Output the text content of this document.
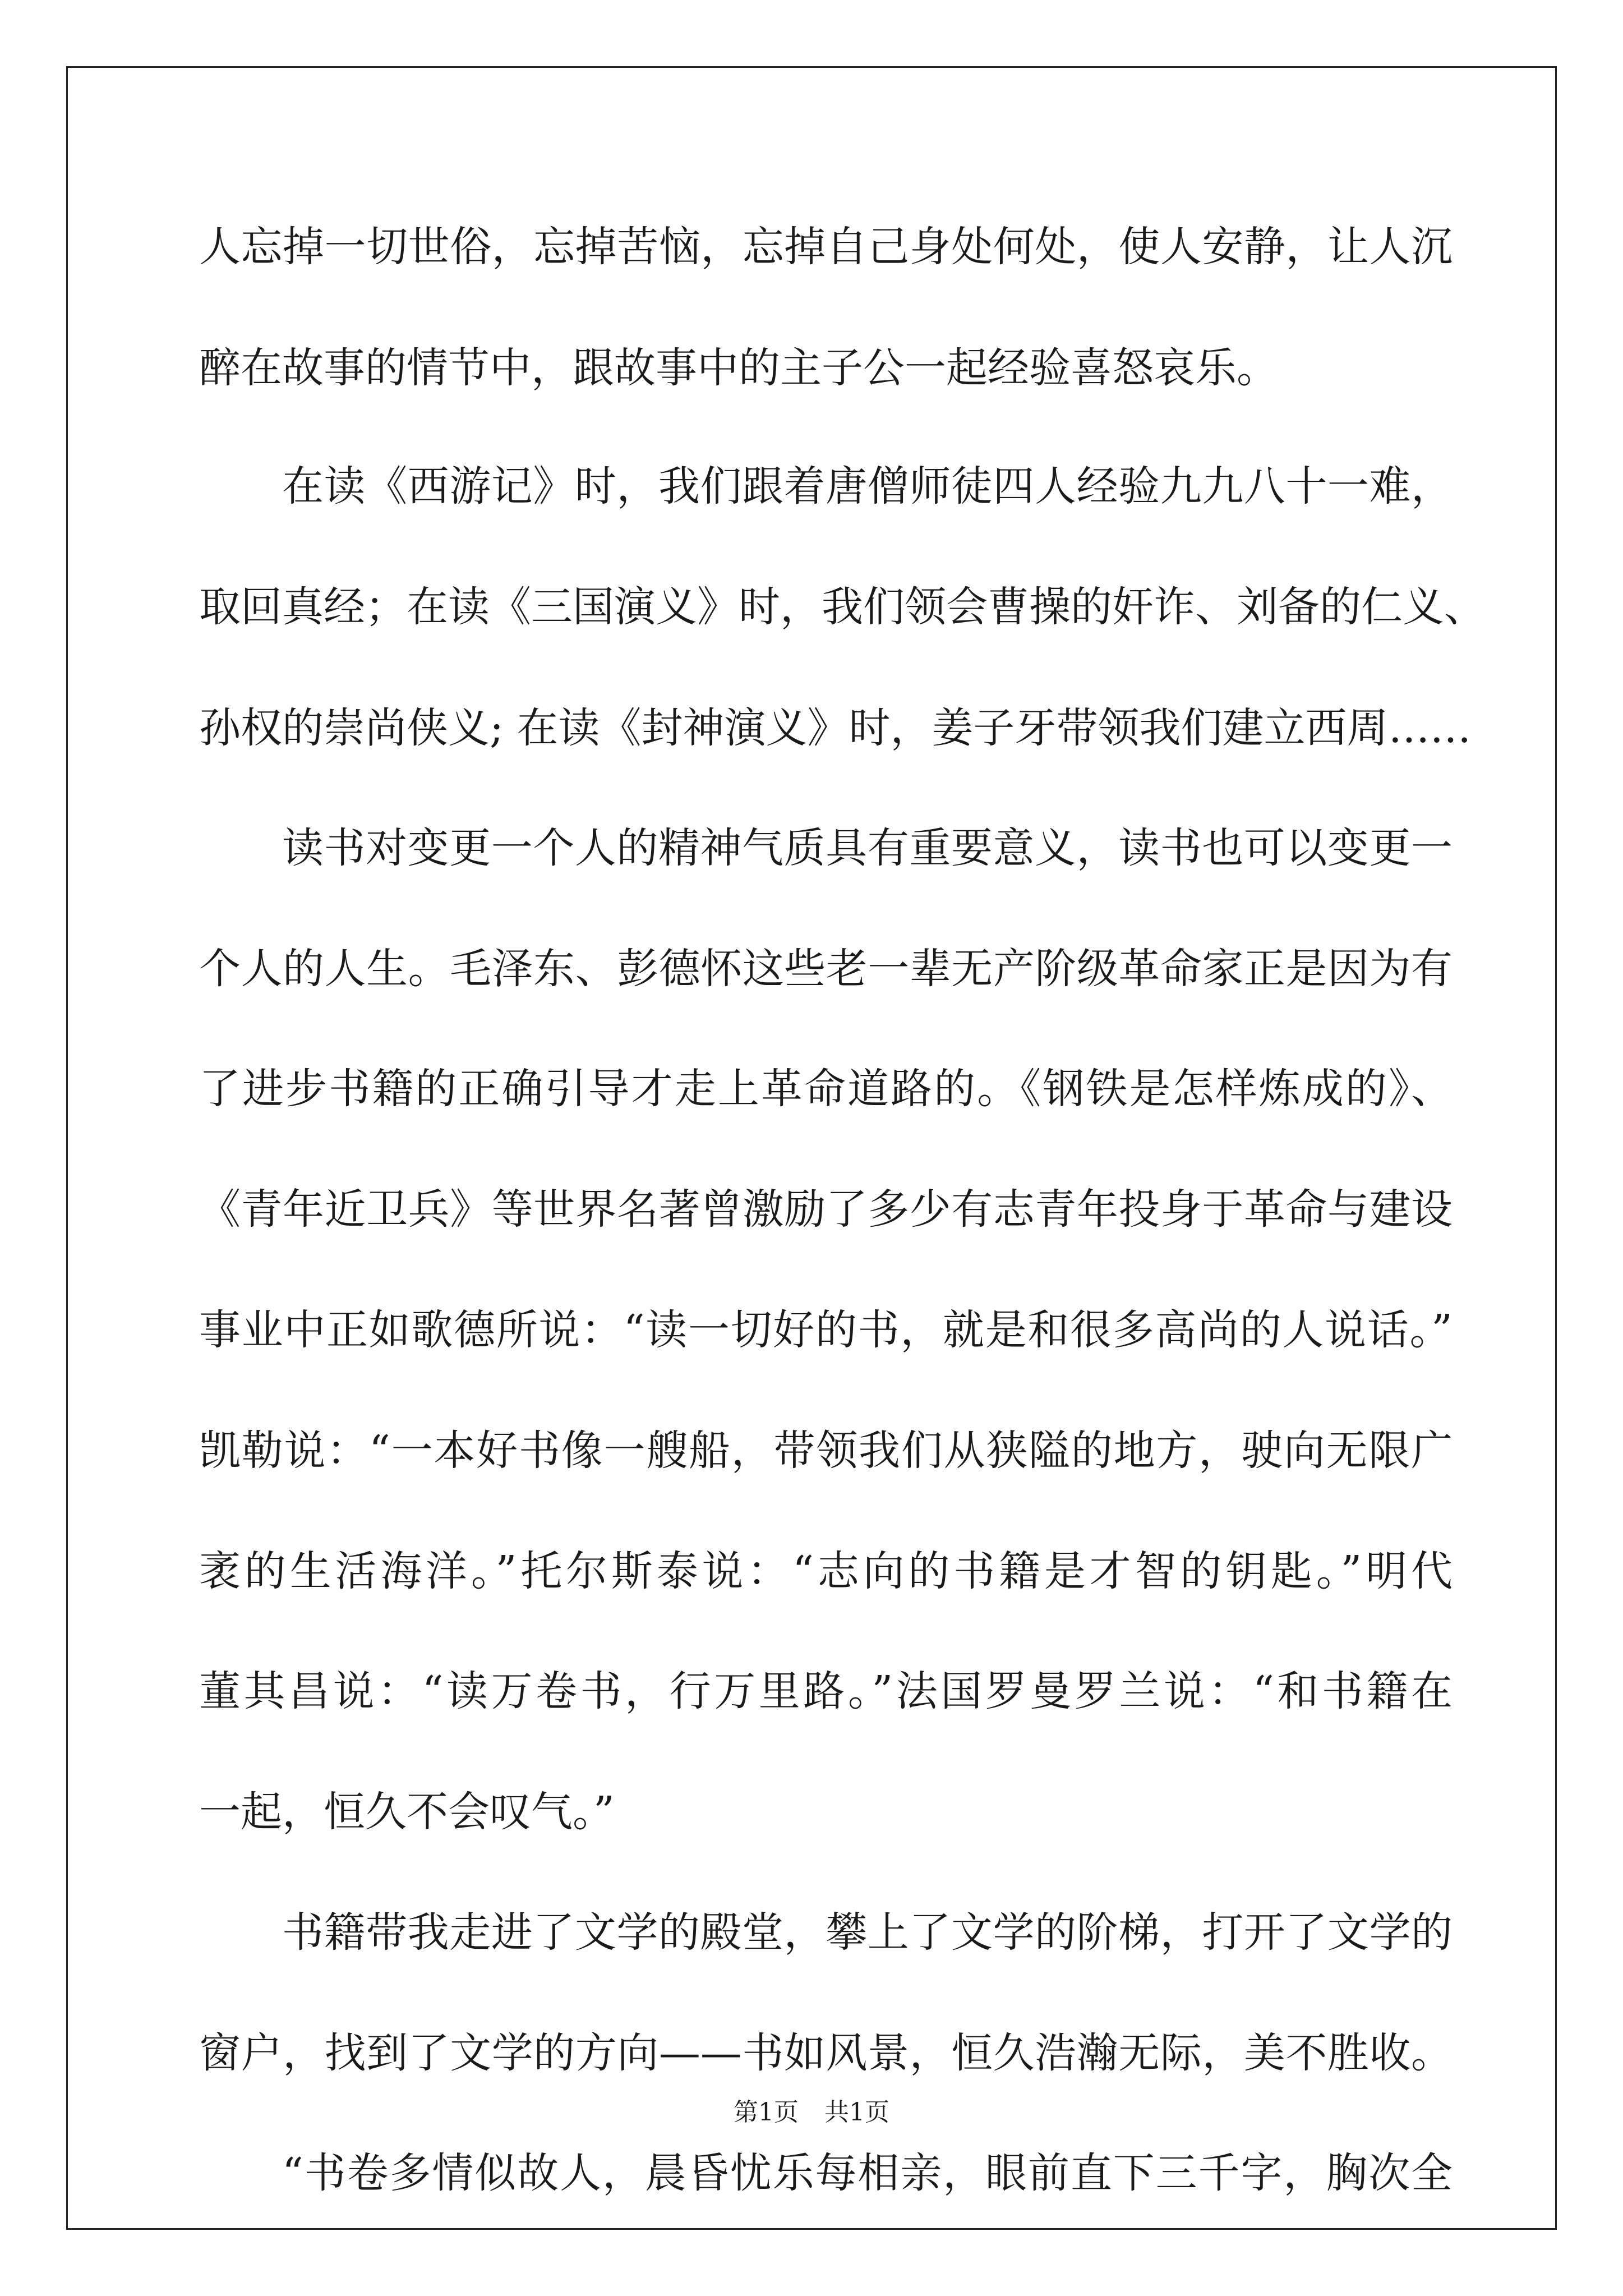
人忘掉一切世俗，忘掉苦恼，忘掉自己身处何处，使人安静，让人沉
醉在故事的情节中，跟故事中的主子公一起经验喜怒哀乐。
在读《西游记》时，我们跟着唐僧师徒四人经验九九八十一难，
取回真经；在读《三国演义》时，我们领会曹操的奸诈、刘备的仁义、
孙权的崇尚侠义; 在读《封神演义》时，姜子牙带领我们建立西周……
读书对变更一个人的精神气质具有重要意义，读书也可以变更一
个人的人生。毛泽东、彭德怀这些老一辈无产阶级革命家正是因为有
了进步书籍的正确引导才走上革命道路的。《钢铁是怎样炼成的》、
《青年近卫兵》等世界名著曾激励了多少有志青年投身于革命与建设
事业中正如歌德所说：“读一切好的书，就是和很多高尚的人说话。”
凯勒说：“一本好书像一艘船，带领我们从狭隘的地方，驶向无限广
袤的生活海洋。”托尔斯泰说：“志向的书籍是才智的钥匙。”明代
董其昌说：“读万卷书，行万里路。”法国罗曼罗兰说：“和书籍在
一起，恒久不会叹气。”
书籍带我走进了文学的殿堂，攀上了文学的阶梯，打开了文学的
窗户，找到了文学的方向——书如风景，恒久浩瀚无际，美不胜收。
“书卷多情似故人，晨昏忧乐每相亲，眼前直下三千字，胸次全
第1页 共1页
